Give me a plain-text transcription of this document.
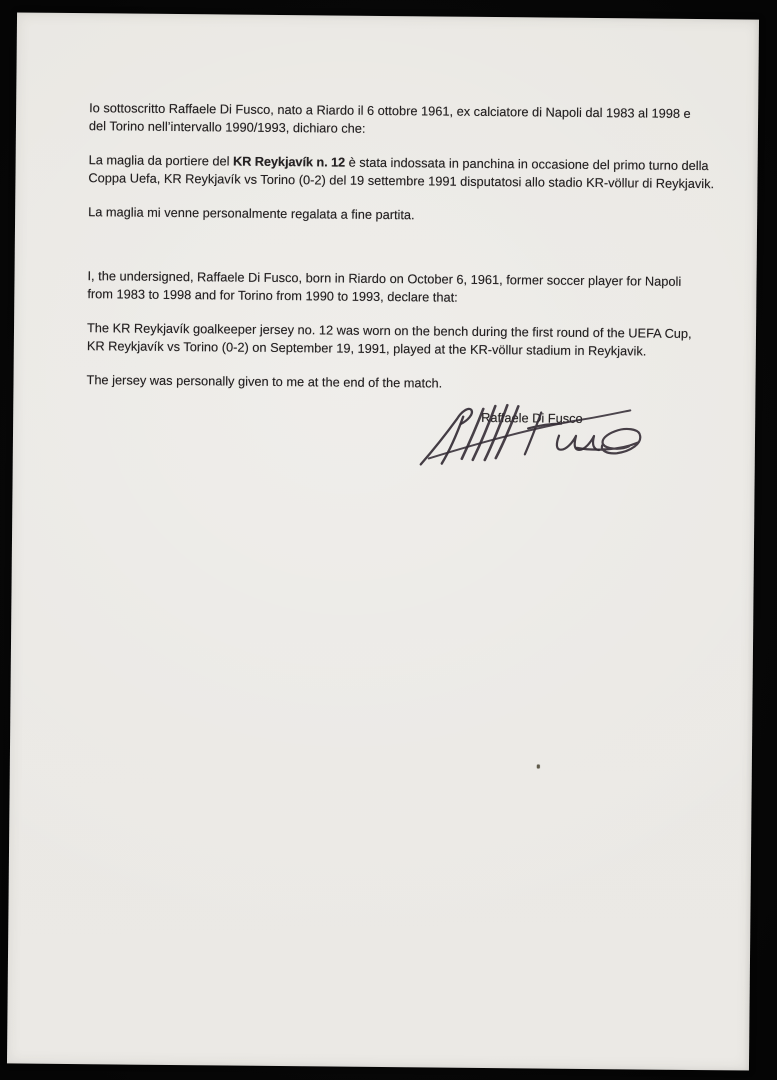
Io sottoscritto Raffaele Di Fusco, nato a Riardo il 6 ottobre 1961, ex calciatore di Napoli dal 1983 al 1998 e
del Torino nell’intervallo 1990/1993, dichiaro che:

La maglia da portiere del KR Reykjavík n. 12 è stata indossata in panchina in occasione del primo turno della
Coppa Uefa, KR Reykjavík vs Torino (0-2) del 19 settembre 1991 disputatosi allo stadio KR-völlur di Reykjavik.

La maglia mi venne personalmente regalata a fine partita.

I, the undersigned, Raffaele Di Fusco, born in Riardo on October 6, 1961, former soccer player for Napoli
from 1983 to 1998 and for Torino from 1990 to 1993, declare that:

The KR Reykjavík goalkeeper jersey no. 12 was worn on the bench during the first round of the UEFA Cup,
KR Reykjavík vs Torino (0-2) on September 19, 1991, played at the KR-völlur stadium in Reykjavik.

The jersey was personally given to me at the end of the match.

Raffaele Di Fusco
